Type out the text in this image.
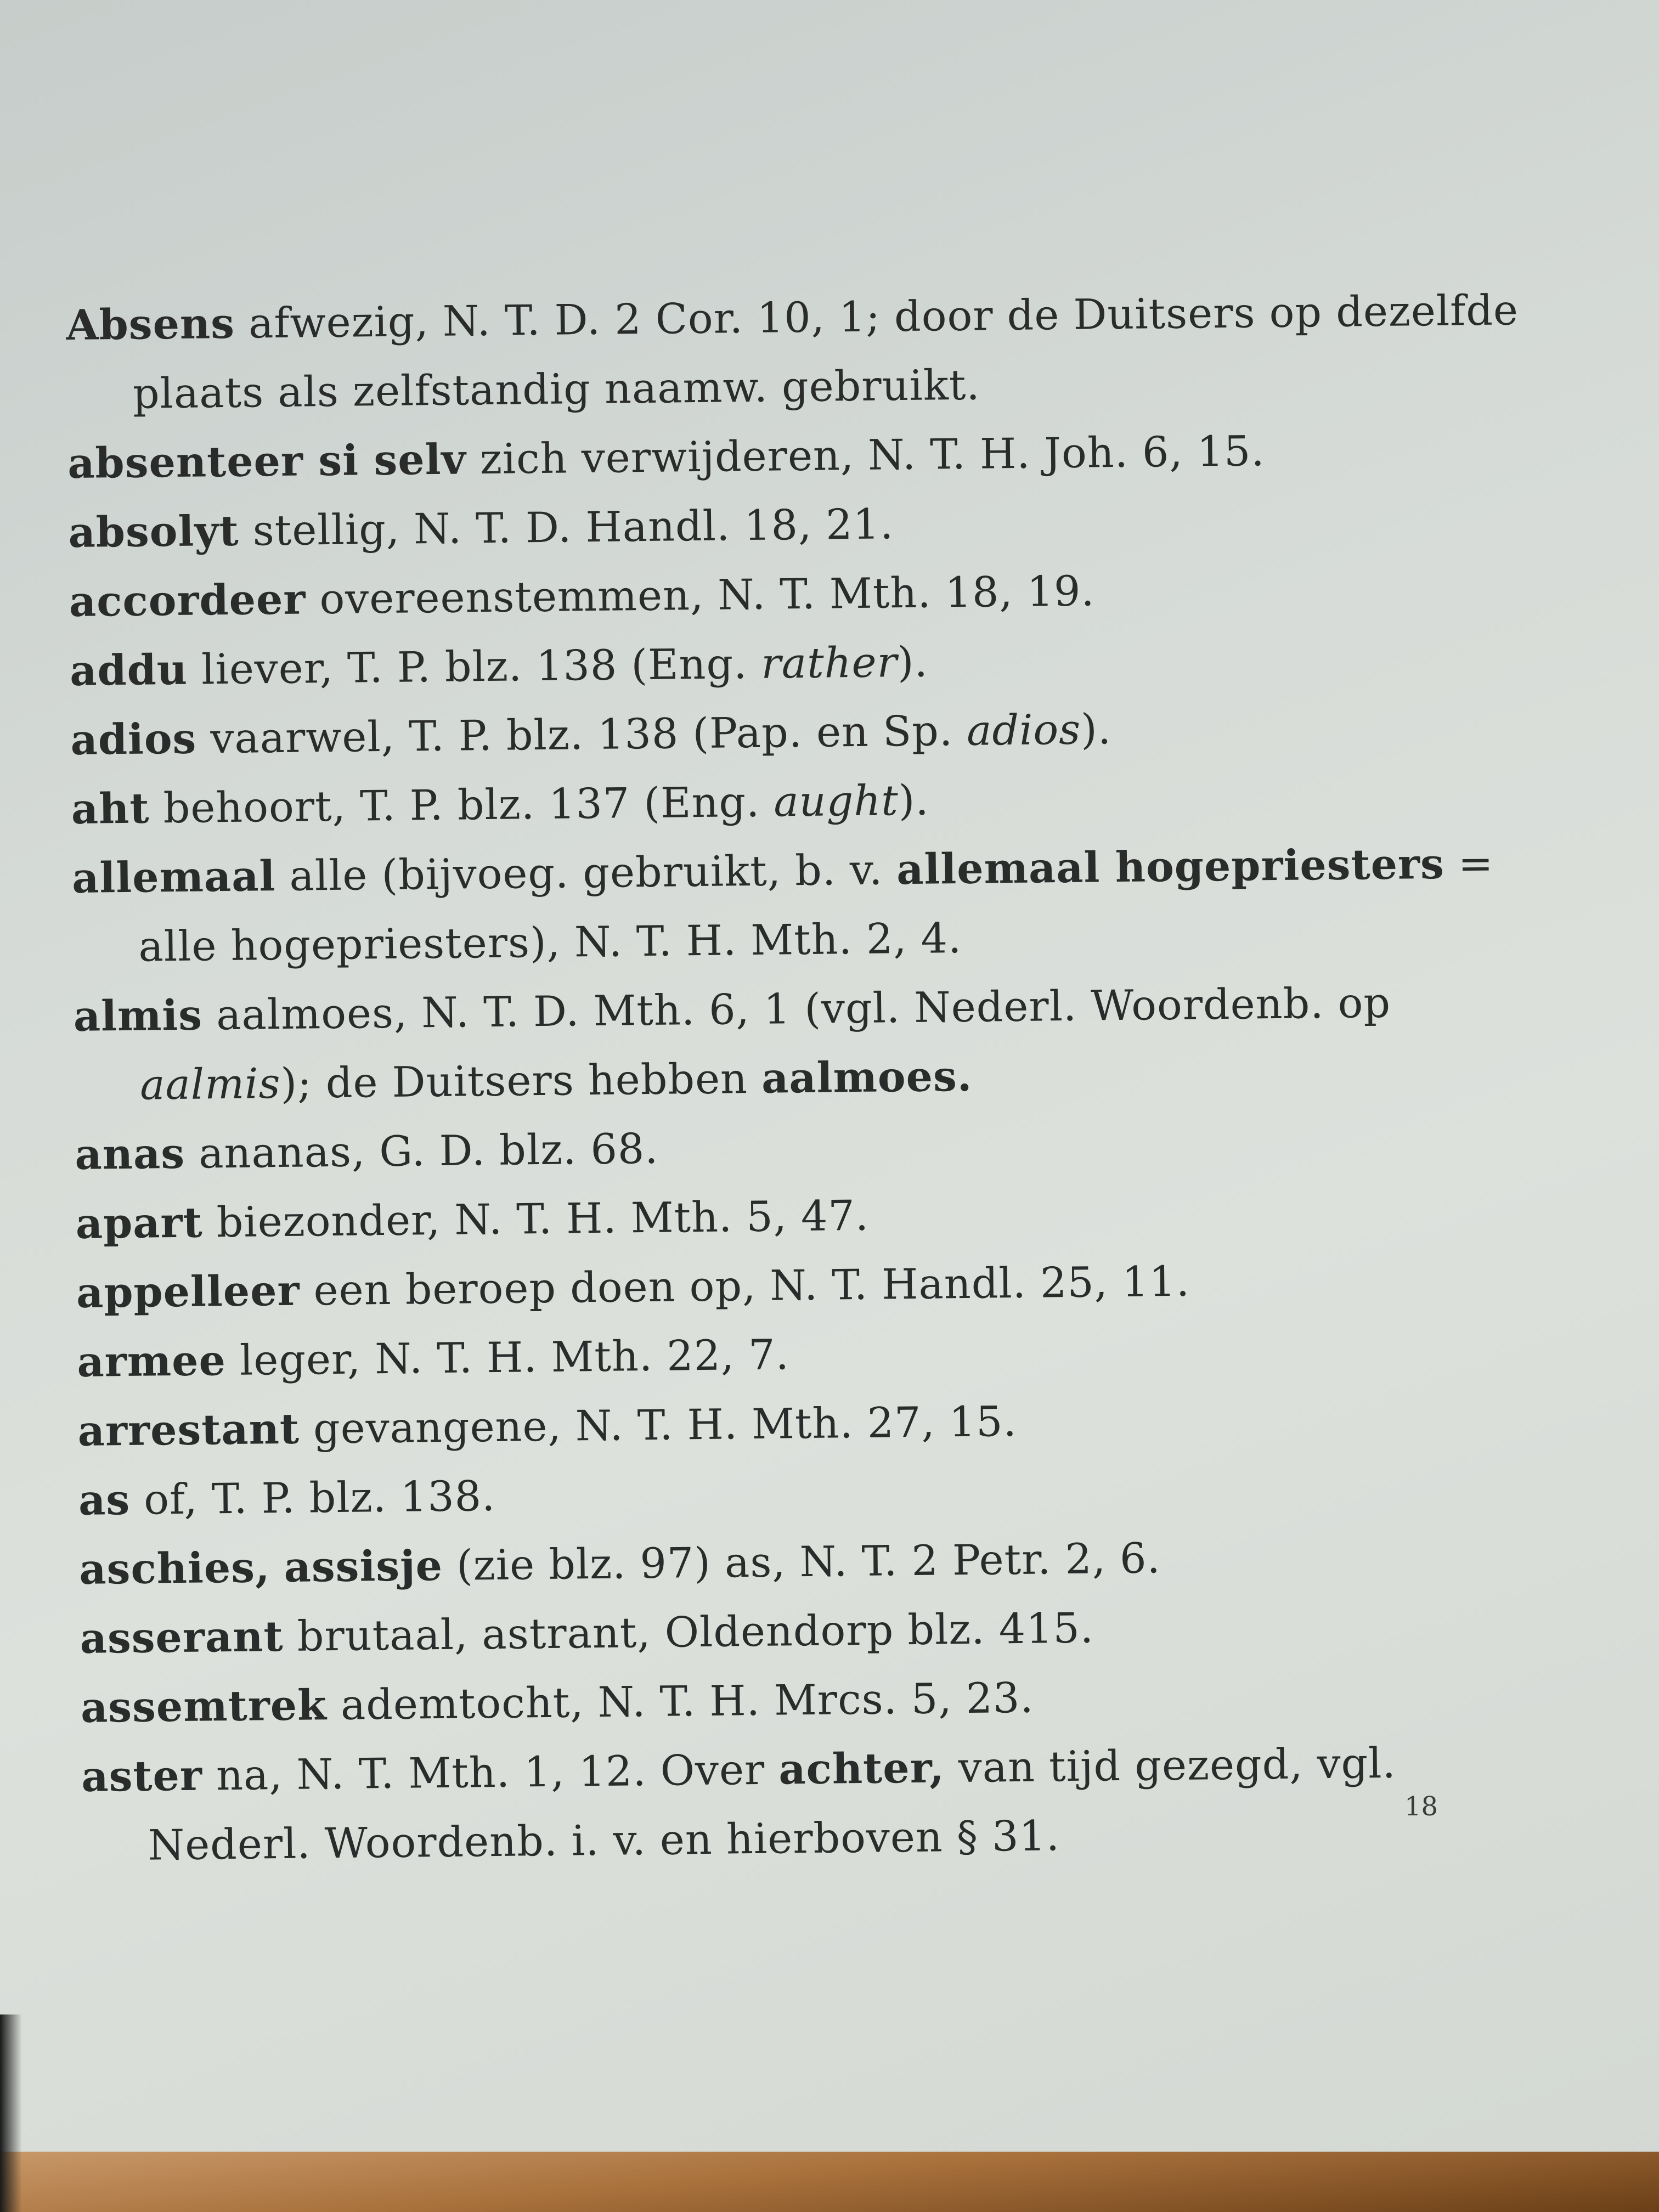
Absens afwezig, N. T. D. 2 Cor. 10, 1; door de Duitsers op dezelfde
plaats als zelfstandig naamw. gebruikt.

absenteer si selv zich verwijderen, N. T. H. Joh. 6, 15.

absolyt stellig, N. T. D. Handl. 18, 21.

accordeer overeenstemmen, N. T. Mth. 18, 19.

addu liever, T. P. blz. 138 (Eng. rather).

adios vaarwel, T. P. blz. 138 (Pap. en Sp. adios).

aht behoort, T. P. blz. 137 (Eng. aught).

allemaal alle (bijvoeg. gebruikt, b. v. allemaal hogepriesters =
alle hogepriesters), N. T. H. Mth. 2, 4.

almis aalmoes, N. T. D. Mth. 6, 1 (vgl. Nederl. Woordenb. op
aalmis); de Duitsers hebben aalmoes.

anas ananas, G. D. blz. 68.

apart biezonder, N. T. H. Mth. 5, 47.

appelleer een beroep doen op, N. T. Handl. 25, 11.

armee leger, N. T. H. Mth. 22, 7.

arrestant gevangene, N. T. H. Mth. 27, 15.

as of, T. P. blz. 138.

aschies, assisje (zie blz. 97) as, N. T. 2 Petr. 2, 6.

asserant brutaal, astrant, Oldendorp blz. 415.

assemtrek ademtocht, N. T. H. Mrcs. 5, 23.

aster na, N. T. Mth. 1, 12. Over achter, van tijd gezegd, vgl.
Nederl. Woordenb. i. v. en hierboven § 31.

18
